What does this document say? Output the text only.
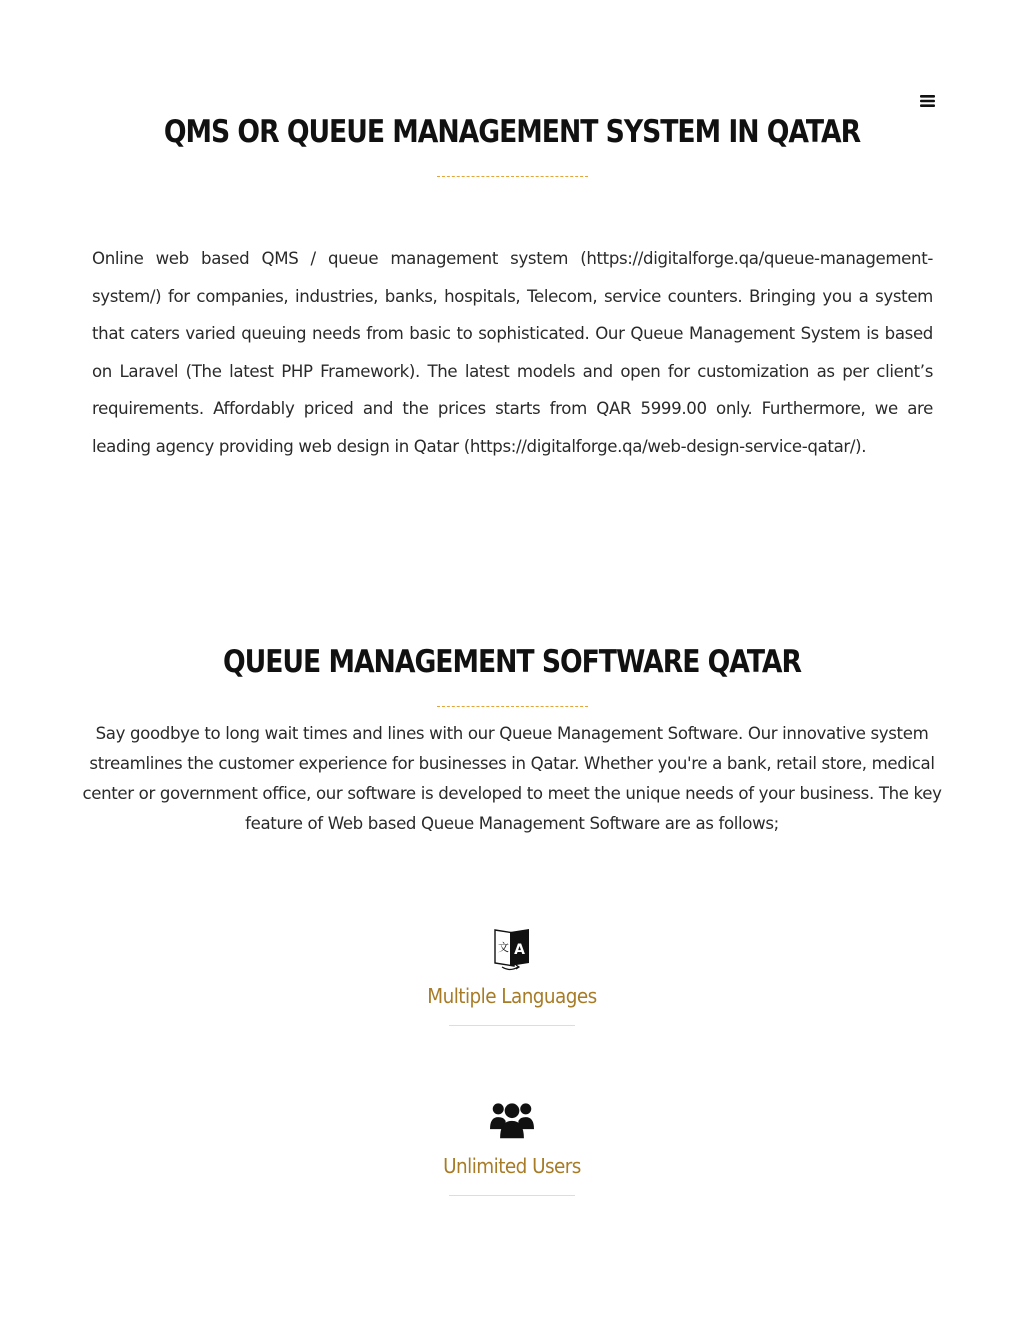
QMS OR QUEUE MANAGEMENT SYSTEM IN QATAR

Online web based QMS / queue management system (https://digitalforge.qa/queue-management-system/) for companies, industries, banks, hospitals, Telecom, service counters. Bringing you a system that caters varied queuing needs from basic to sophisticated. Our Queue Management System is based on Laravel (The latest PHP Framework). The latest models and open for customization as per client’s requirements. Affordably priced and the prices starts from QAR 5999.00 only. Furthermore, we are leading agency providing web design in Qatar (https://digitalforge.qa/web-design-service-qatar/).

QUEUE MANAGEMENT SOFTWARE QATAR

Say goodbye to long wait times and lines with our Queue Management Software. Our innovative system streamlines the customer experience for businesses in Qatar. Whether you're a bank, retail store, medical center or government office, our software is developed to meet the unique needs of your business. The key feature of Web based Queue Management Software are as follows;

A
文
Multiple Languages
Unlimited Users
